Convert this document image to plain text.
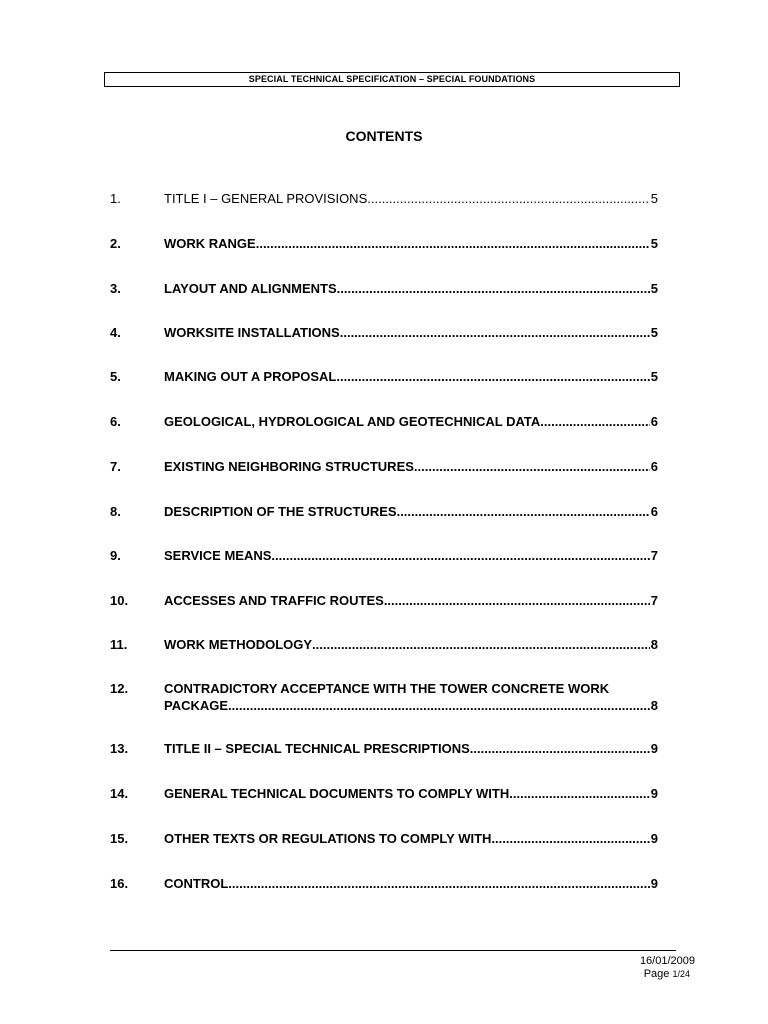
SPECIAL TECHNICAL SPECIFICATION – SPECIAL FOUNDATIONS
CONTENTS
1.	TITLE I – GENERAL PROVISIONS .....	5
2.	WORK RANGE .....	5
3.	LAYOUT AND ALIGNMENTS .....	5
4.	WORKSITE INSTALLATIONS .....	5
5.	MAKING OUT A PROPOSAL .....	5
6.	GEOLOGICAL, HYDROLOGICAL AND GEOTECHNICAL DATA .....	6
7.	EXISTING NEIGHBORING STRUCTURES .....	6
8.	DESCRIPTION OF THE STRUCTURES .....	6
9.	SERVICE MEANS .....	7
10.	ACCESSES AND TRAFFIC ROUTES .....	7
11.	WORK METHODOLOGY .....	8
12.	CONTRADICTORY ACCEPTANCE WITH THE TOWER CONCRETE WORK
PACKAGE .....	8
13.	TITLE II – SPECIAL TECHNICAL PRESCRIPTIONS .....	9
14.	GENERAL TECHNICAL DOCUMENTS TO COMPLY WITH .....	9
15.	OTHER TEXTS OR REGULATIONS TO COMPLY WITH .....	9
16.	CONTROL .....	9
16/01/2009
Page 1/24
